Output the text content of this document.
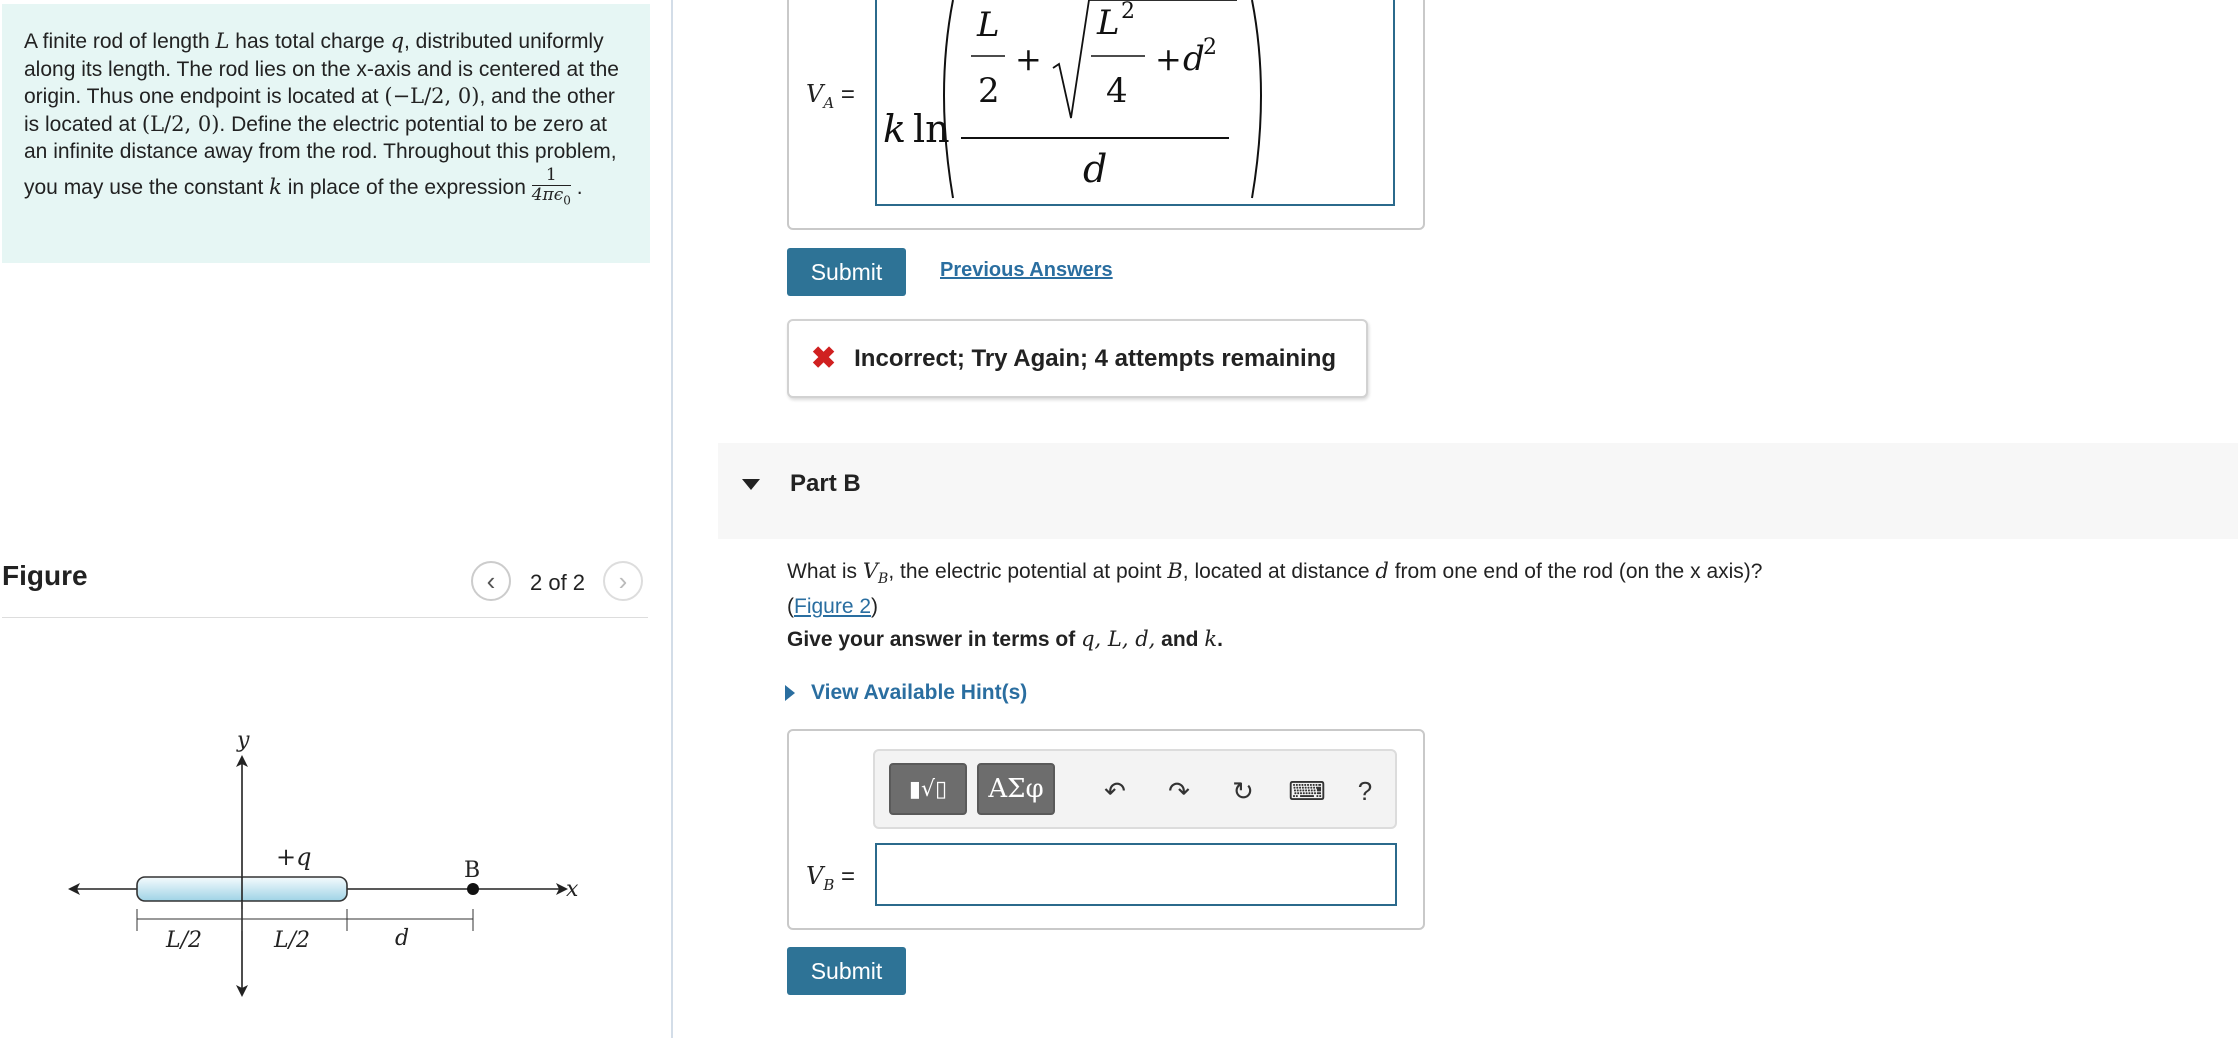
A finite rod of length L has total charge q, distributed uniformly along its length. The rod lies on the x-axis and is centered at the origin. Thus one endpoint is located at (−L/2, 0), and the other is located at (L/2, 0). Define the electric potential to be zero at an infinite distance away from the rod. Throughout this problem, you may use the constant k in place of the expression $\frac{1}{4\pi\epsilon_0}$ .

Figure	‹ 2 of 2 ›
y
x
+q	B
L/2	L/2	d
$V_A$ =
k ln
L
2
+
L 2
4
+ d
2
d
Submit	Previous Answers
✖ Incorrect; Try Again; 4 attempts remaining
Part B
What is $V_B$, the electric potential at point B, located at distance d from one end of the rod (on the x axis)?
(Figure 2)
Give your answer in terms of q, L, d, and k.
View Available Hint(s)
▮√▯ ΑΣφ ↶ ↷ ↻ ⌨ ?
$V_B$ =
Submit
